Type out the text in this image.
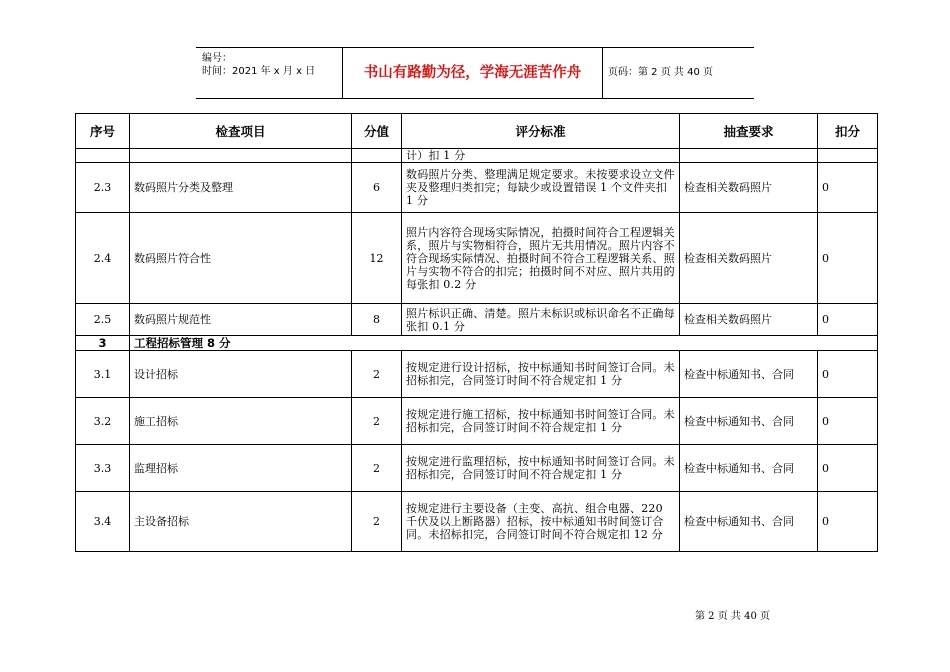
编号：
时间：2021 年 x 月 x 日	书山有路勤为径，学海无涯苦作舟	页码：第 2 页 共 40 页
序号	检查项目	分值	评分标准	抽查要求	扣分
			计）扣 1 分		
2.3	数码照片分类及整理	6	数码照片分类、整理满足规定要求。未按要求设立文件夹及整理归类扣完；每缺少或设置错误 1 个文件夹扣 1 分	检查相关数码照片	0
2.4	数码照片符合性	12	照片内容符合现场实际情况，拍摄时间符合工程逻辑关系，照片与实物相符合，照片无共用情况。照片内容不符合现场实际情况、拍摄时间不符合工程逻辑关系、照片与实物不符合的扣完；拍摄时间不对应、照片共用的每张扣 0.2 分	检查相关数码照片	0
2.5	数码照片规范性	8	照片标识正确、清楚。照片未标识或标识命名不正确每张扣 0.1 分	检查相关数码照片	0
3	工程招标管理 8 分				
3.1	设计招标	2	按规定进行设计招标，按中标通知书时间签订合同。未招标扣完，合同签订时间不符合规定扣 1 分	检查中标通知书、合同	0
3.2	施工招标	2	按规定进行施工招标，按中标通知书时间签订合同。未招标扣完，合同签订时间不符合规定扣 1 分	检查中标通知书、合同	0
3.3	监理招标	2	按规定进行监理招标，按中标通知书时间签订合同。未招标扣完，合同签订时间不符合规定扣 1 分	检查中标通知书、合同	0
3.4	主设备招标	2	按规定进行主要设备（主变、高抗、组合电器、220 千伏及以上断路器）招标，按中标通知书时间签订合同。未招标扣完，合同签订时间不符合规定扣 12 分	检查中标通知书、合同	0
第 2 页 共 40 页
